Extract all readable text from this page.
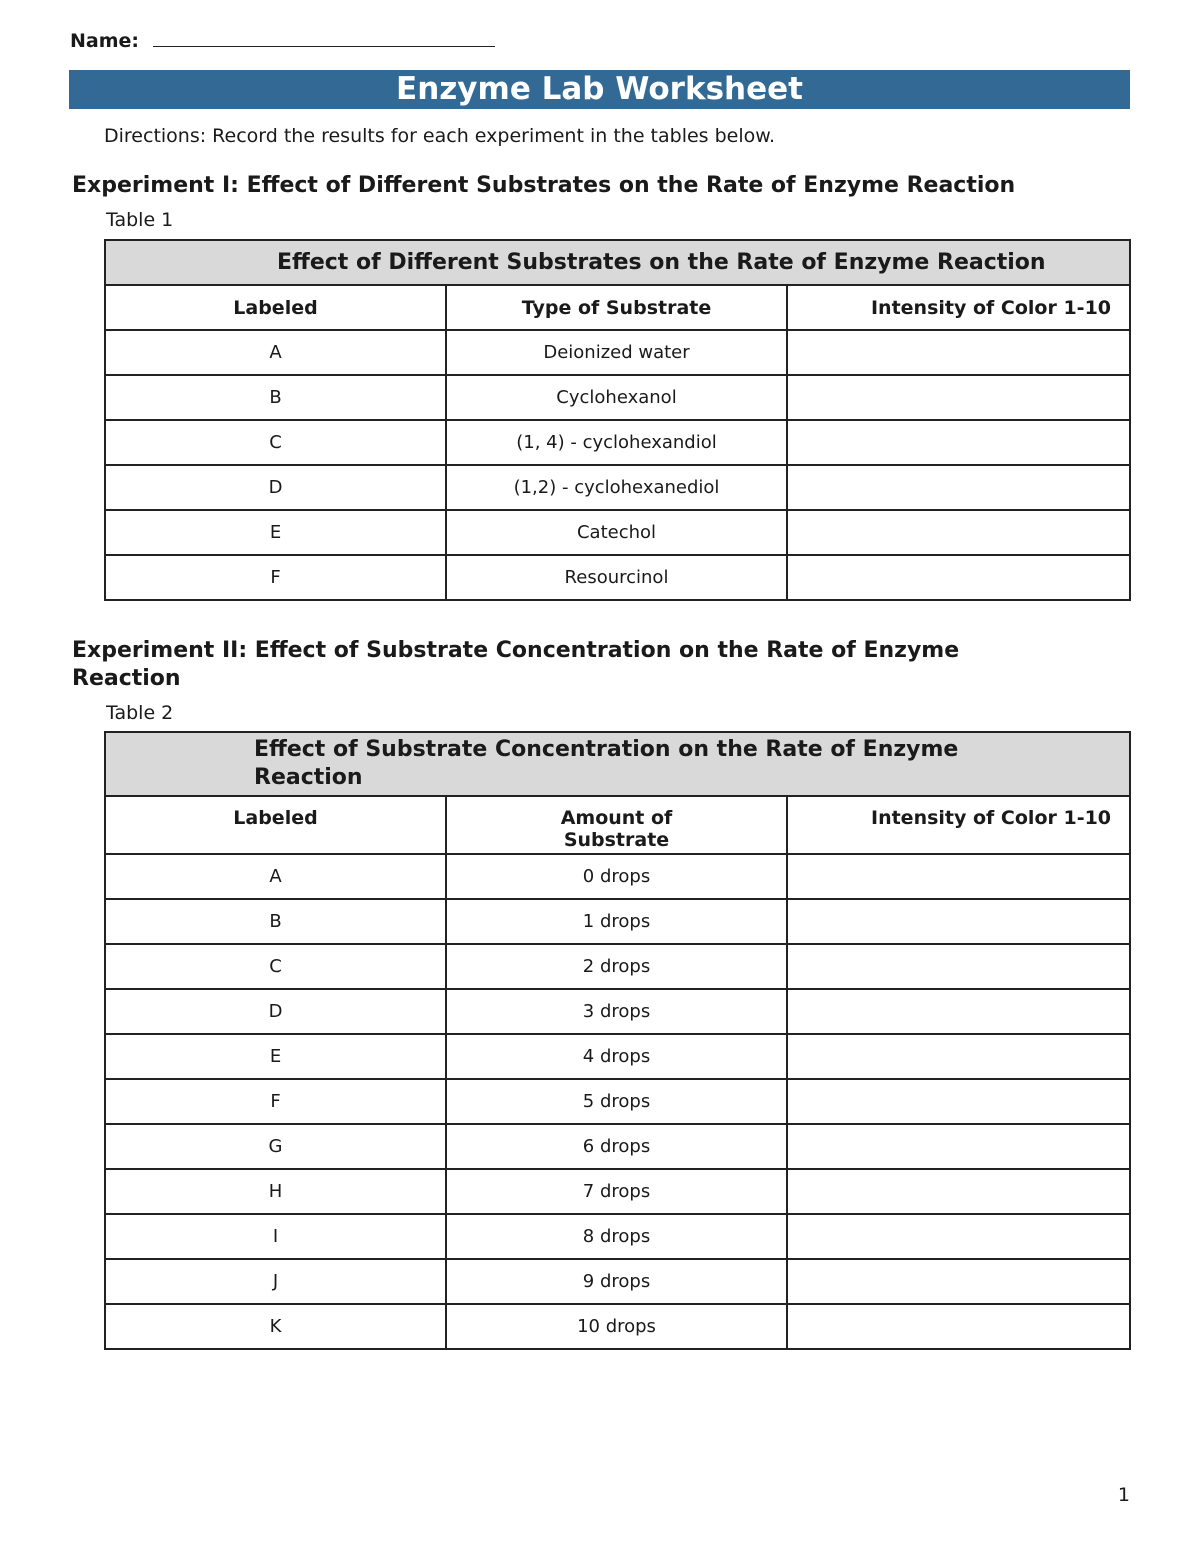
Name:
Enzyme Lab Worksheet
Directions: Record the results for each experiment in the tables below.
Experiment I: Effect of Different Substrates on the Rate of Enzyme Reaction
Table 1
Effect of Different Substrates on the Rate of Enzyme Reaction		
Labeled	Type of Substrate	Intensity of Color 1-10
A	Deionized water	
B	Cyclohexanol	
C	(1, 4) - cyclohexandiol	
D	(1,2) - cyclohexanediol	
E	Catechol	
F	Resourcinol	
Experiment II: Effect of Substrate Concentration on the Rate of Enzyme Reaction
Table 2
Effect of Substrate Concentration on the Rate of Enzyme Reaction		
Labeled	Amount of Substrate	Intensity of Color 1-10
A	0 drops	
B	1 drops	
C	2 drops	
D	3 drops	
E	4 drops	
F	5 drops	
G	6 drops	
H	7 drops	
I	8 drops	
J	9 drops	
K	10 drops	
1
